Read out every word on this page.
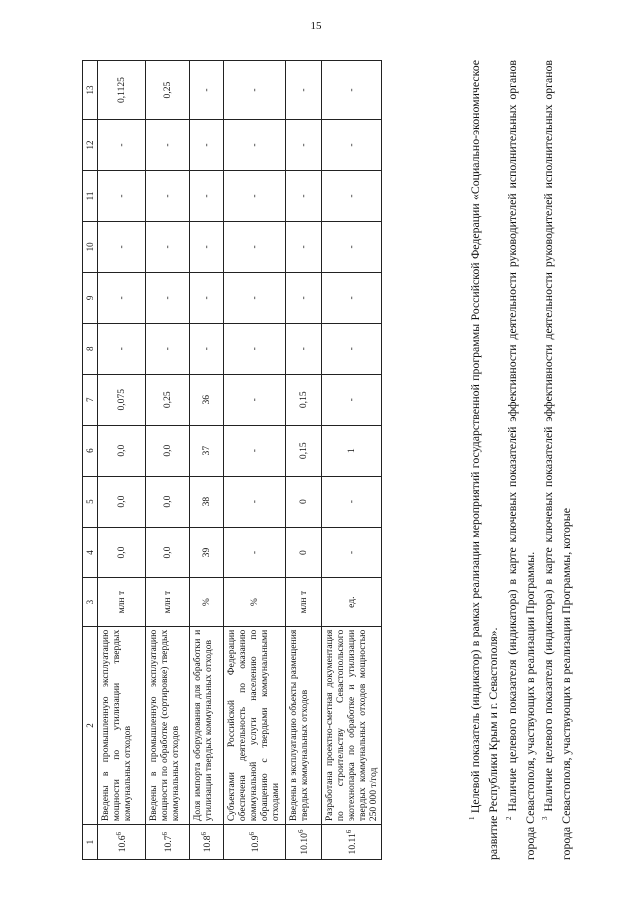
15
1	2	3	4	5	6	7	8	9	10	11	12	13
10.6$^6$	Введены в промышленную эксплуатацию мощности по утилизации твердых коммунальных отходов	млн т	0,0	0,0	0,0	0,075	-	-	-	-	-	0,1125
10.7$^6$	Введены в промышленную эксплуатацию мощности по обработке (сортировке) твердых коммунальных отходов	млн т	0,0	0,0	0,0	0,25	-	-	-	-	-	0,25
10.8$^6$	Доля импорта оборудования для обработки и утилизации твердых коммунальных отходов	%	39	38	37	36	-	-	-	-	-	-
10.9$^6$	Субъектами Российской Федерации обеспечена деятельность по оказанию коммунальной услуги населению по обращению с твердыми коммунальными отходами	%	-	-	-	-	-	-	-	-	-	-
10.10$^6$	Введены в эксплуатацию объекты размещения твердых коммунальных отходов	млн т	0	0	0,15	0,15	-	-	-	-	-	-
10.11$^6$	Разработана проектно-сметная документация по строительству Севастопольского экотехнопарка по обработке и утилизации твердых коммунальных отходов мощностью 250 000 т/год	ед.	-	-	1	-	-	-	-	-	-	-

$^1$ Целевой показатель (индикатор) в рамках реализации мероприятий государственной программы Российской Федерации «Социально-экономическое развитие Республики Крым и г. Севастополя». $^2$ Наличие целевого показателя (индикатора) в карте ключевых показателей эффективности деятельности руководителей исполнительных органов города Севастополя, участвующих в реализации Программы. $^3$ Наличие целевого показателя (индикатора) в карте ключевых показателей эффективности деятельности руководителей исполнительных органов города Севастополя, участвующих в реализации Программы, которые
